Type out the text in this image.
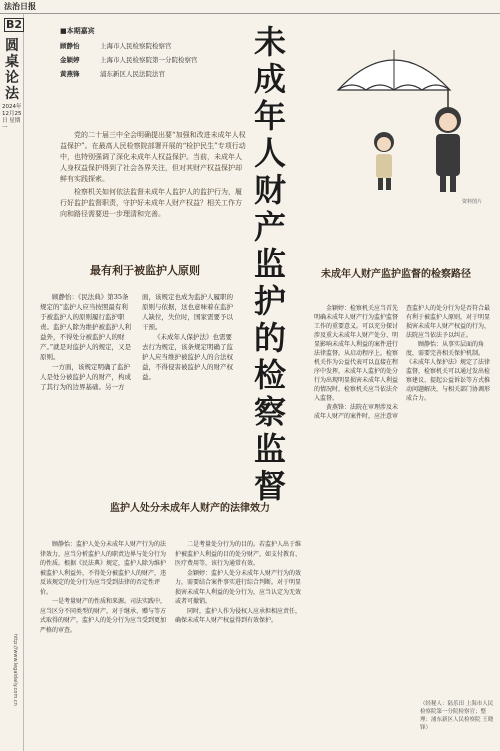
法治日报
B2
圆桌论法
2024年12月25日 星期一
http://www.legaldaily.com.cn
■本期嘉宾
顾静怡	上海市人民检察院检察官
金颖婷	上海市人民检察院第一分院检察官
黄燕锋	浦东新区人民法院法官
未成年人财产监护的检察监督
资料图片

党的二十届三中全会明确提出要“加强和改进未成年人权益保护”。在最高人民检察院部署开展的“检护民生”专项行动中，也特别强调了深化未成年人权益保护。当前，未成年人人身权益保护得到了社会各界关注，但对其财产权益保护却鲜有实践探索。

检察机关如何依法监督未成年人监护人的监护行为，履行好监护监督职责，守护好未成年人财产权益？相关工作方向和路径需要进一步理清和完善。

最有利于被监护人原则

顾静怡：《民法典》第35条规定的“监护人应当按照最有利于被监护人的原则履行监护职责。监护人除为维护被监护人利益外，不得处分被监护人的财产。”就是对监护人的规定，又是原则。

一方面，该规定明确了监护人是处分被监护人的财产，构成了其行为的边界基础。另一方面，该规定也成为监护人履职的原则与依据，这也意味着在监护人缺位，失位时，国家需要予以干预。

《未成年人保护法》也需要去行为规定，该条规定明确了监护人应当维护被监护人的合法权益，不得侵害被监护人的财产权益。

未成年人财产监护监督的检察路径

金颖婷：检察机关应当首先明确未成年人财产行为监护监督工作的重要意义。可以充分探讨涉及重大未成年人财产处分、明显影响未成年人利益的案件进行法律监督。从启动程序上，检察机关作为公益代表可以直接在程序中发挥，未成年人监护的处分行为出现明显损害未成年人利益的情况时，检察机关应当依法介入监督。

黄燕锋：法院在审理涉及未成年人财产的案件时，应注意审查监护人的处分行为是否符合最有利于被监护人原则，对于明显损害未成年人财产权益的行为，法院应当依法予以纠正。

顾静怡：从事实层面的角度，需要完善相关保护机制。《未成年人保护法》规定了法律监督，检察机关可以通过发出检察建议、提起公益诉讼等方式推动问题解决，与相关部门协调形成合力。

监护人处分未成年人财产的法律效力

顾静怡：监护人处分未成年人财产行为的法律效力，应当分析监护人的职责边界与处分行为的性质。根据《民法典》规定，监护人除为维护被监护人利益外，不得处分被监护人的财产，违反该规定的处分行为应当受到法律的否定性评价。

一是考量财产的性质和来源。司法实践中，应当区分不同类型的财产，对于继承、赠与等方式取得的财产，监护人的处分行为应当受到更加严格的审查。

二是考量处分行为的目的。若监护人出于维护被监护人利益的目的处分财产，如支付教育、医疗费用等，该行为通常有效。

金颖婷：监护人处分未成年人财产行为的效力，需要结合案件事实进行综合判断。对于明显损害未成年人利益的处分行为，应当认定为无效或者可撤销。

同时，监护人作为侵权人应承担相应责任，确保未成年人财产权益得到有效保护。

（经秘人：陆乐田 上海市人民检察院第一分院检察官；整理：浦东新区人民检察院 王晓锋）
